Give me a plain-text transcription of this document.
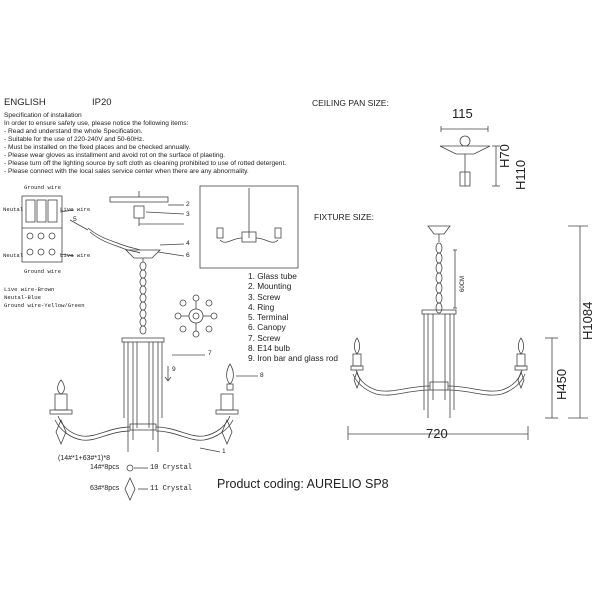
ENGLISH	IP20	CEILING PAN SIZE:
FIXTURE SIZE:
Specification of installation
In order to ensure safety use, please notice the following items:
- Read and understand the whole Specification.
- Suitable for the use of 220-240V and 50-60Hz.
- Must be installed on the fixed places and be checked annually.
- Please wear gloves as installment and avoid rot on the surface of plaeting.
- Please turn off the lighting source by soft cloth as cleaning prohibited to use of rotted detergent.
- Please connect with the local sales service center when there are any abnormality.
Ground wire
Neutal	Live wire
Neutal	Live wire
Ground wire
Live wire-Brown
Neutal-Blue
Ground wire-Yellow/Green
2
3
4
5
6
7
8
9
1
1. Glass tube
2. Mounting
3. Screw
4. Ring
5. Terminal
6. Canopy
7. Screw
8. E14 bulb
9. Iron bar and glass rod
(14#*1+63#*1)*8
14#*8pcs	10 Crystal
63#*8pcs	11 Crystal Product coding: AURELIO SP8
115
H70
H110
60CM
H450
H1084
720
